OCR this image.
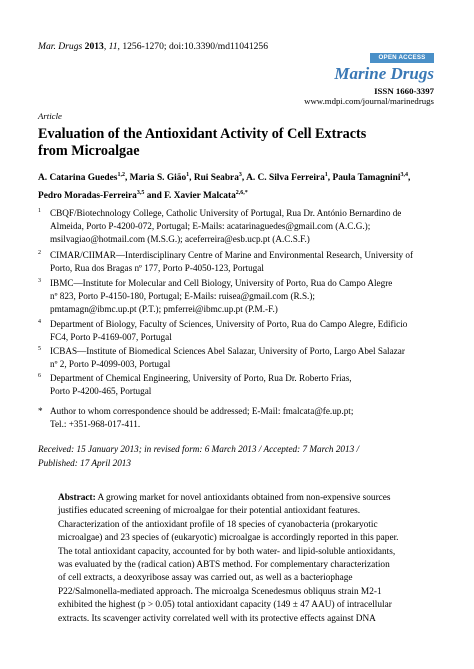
Mar. Drugs 2013, 11, 1256-1270; doi:10.3390/md11041256
OPEN ACCESS
Marine Drugs
ISSN 1660-3397
www.mdpi.com/journal/marinedrugs
Article
Evaluation of the Antioxidant Activity of Cell Extracts
from Microalgae
A. Catarina Guedes$^{1,2}$, Maria S. Gião$^1$, Rui Seabra$^3$, A. C. Silva Ferreira$^1$, Paula Tamagnini$^{3,4}$,
Pedro Moradas-Ferreira$^{3,5}$ and F. Xavier Malcata$^{2,6,*}$
1 CBQF/Biotechnology College, Catholic University of Portugal, Rua Dr. António Bernardino de
Almeida, Porto P-4200-072, Portugal; E-Mails: acatarinaguedes@gmail.com (A.C.G.);
msilvagiao@hotmail.com (M.S.G.); aceferreira@esb.ucp.pt (A.C.S.F.)
2 CIMAR/CIIMAR—Interdisciplinary Centre of Marine and Environmental Research, University of
Porto, Rua dos Bragas nº 177, Porto P-4050-123, Portugal
3 IBMC—Institute for Molecular and Cell Biology, University of Porto, Rua do Campo Alegre
nº 823, Porto P-4150-180, Portugal; E-Mails: ruisea@gmail.com (R.S.);
pmtamagn@ibmc.up.pt (P.T.); pmferrei@ibmc.up.pt (P.M.-F.)
4 Department of Biology, Faculty of Sciences, University of Porto, Rua do Campo Alegre, Edificio
FC4, Porto P-4169-007, Portugal
5 ICBAS—Institute of Biomedical Sciences Abel Salazar, University of Porto, Largo Abel Salazar
nº 2, Porto P-4099-003, Portugal
6 Department of Chemical Engineering, University of Porto, Rua Dr. Roberto Frias,
Porto P-4200-465, Portugal
* Author to whom correspondence should be addressed; E-Mail: fmalcata@fe.up.pt;
Tel.: +351-968-017-411.
Received: 15 January 2013; in revised form: 6 March 2013 / Accepted: 7 March 2013 /
Published: 17 April 2013
Abstract: A growing market for novel antioxidants obtained from non-expensive sources
justifies educated screening of microalgae for their potential antioxidant features.
Characterization of the antioxidant profile of 18 species of cyanobacteria (prokaryotic
microalgae) and 23 species of (eukaryotic) microalgae is accordingly reported in this paper.
The total antioxidant capacity, accounted for by both water- and lipid-soluble antioxidants,
was evaluated by the (radical cation) ABTS method. For complementary characterization
of cell extracts, a deoxyribose assay was carried out, as well as a bacteriophage
P22/Salmonella-mediated approach. The microalga Scenedesmus obliquus strain M2-1
exhibited the highest (p > 0.05) total antioxidant capacity (149 ± 47 AAU) of intracellular
extracts. Its scavenger activity correlated well with its protective effects against DNA
